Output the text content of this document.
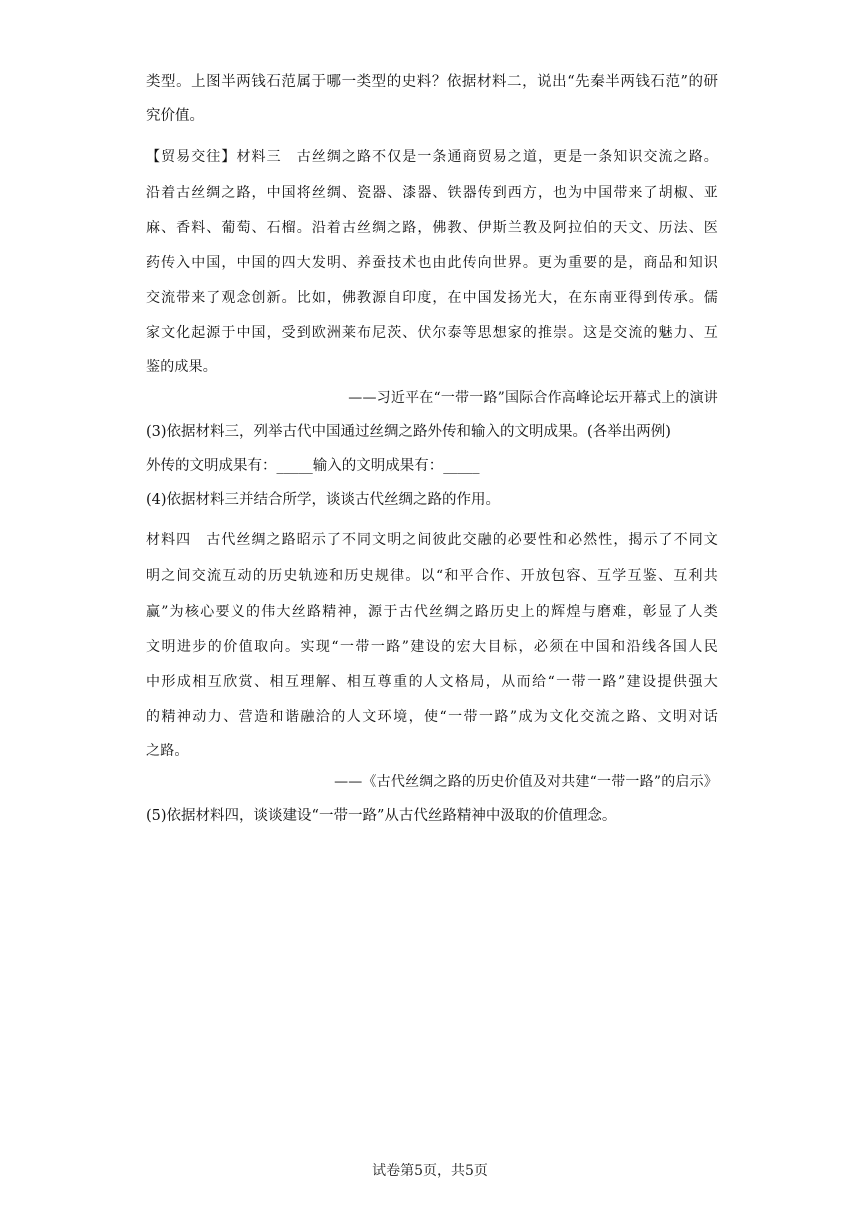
类型。上图半两钱石范属于哪一类型的史料？依据材料二，说出“先秦半两钱石范”的研
究价值。
【贸易交往】材料三　古丝绸之路不仅是一条通商贸易之道，更是一条知识交流之路。
沿着古丝绸之路，中国将丝绸、瓷器、漆器、铁器传到西方，也为中国带来了胡椒、亚
麻、香料、葡萄、石榴。沿着古丝绸之路，佛教、伊斯兰教及阿拉伯的天文、历法、医
药传入中国，中国的四大发明、养蚕技术也由此传向世界。更为重要的是，商品和知识
交流带来了观念创新。比如，佛教源自印度，在中国发扬光大，在东南亚得到传承。儒
家文化起源于中国，受到欧洲莱布尼茨、伏尔泰等思想家的推崇。这是交流的魅力、互
鉴的成果。
——习近平在“一带一路”国际合作高峰论坛开幕式上的演讲
(3)依据材料三，列举古代中国通过丝绸之路外传和输入的文明成果。(各举出两例)
外传的文明成果有：_____输入的文明成果有：_____
(4)依据材料三并结合所学，谈谈古代丝绸之路的作用。
材料四　古代丝绸之路昭示了不同文明之间彼此交融的必要性和必然性，揭示了不同文
明之间交流互动的历史轨迹和历史规律。以“和平合作、开放包容、互学互鉴、互利共
赢”为核心要义的伟大丝路精神，源于古代丝绸之路历史上的辉煌与磨难，彰显了人类
文明进步的价值取向。实现“一带一路”建设的宏大目标，必须在中国和沿线各国人民
中形成相互欣赏、相互理解、相互尊重的人文格局，从而给“一带一路”建设提供强大
的精神动力、营造和谐融洽的人文环境，使“一带一路”成为文化交流之路、文明对话
之路。
——《古代丝绸之路的历史价值及对共建“一带一路”的启示》
(5)依据材料四，谈谈建设“一带一路”从古代丝路精神中汲取的价值理念。
试卷第5页，共5页
